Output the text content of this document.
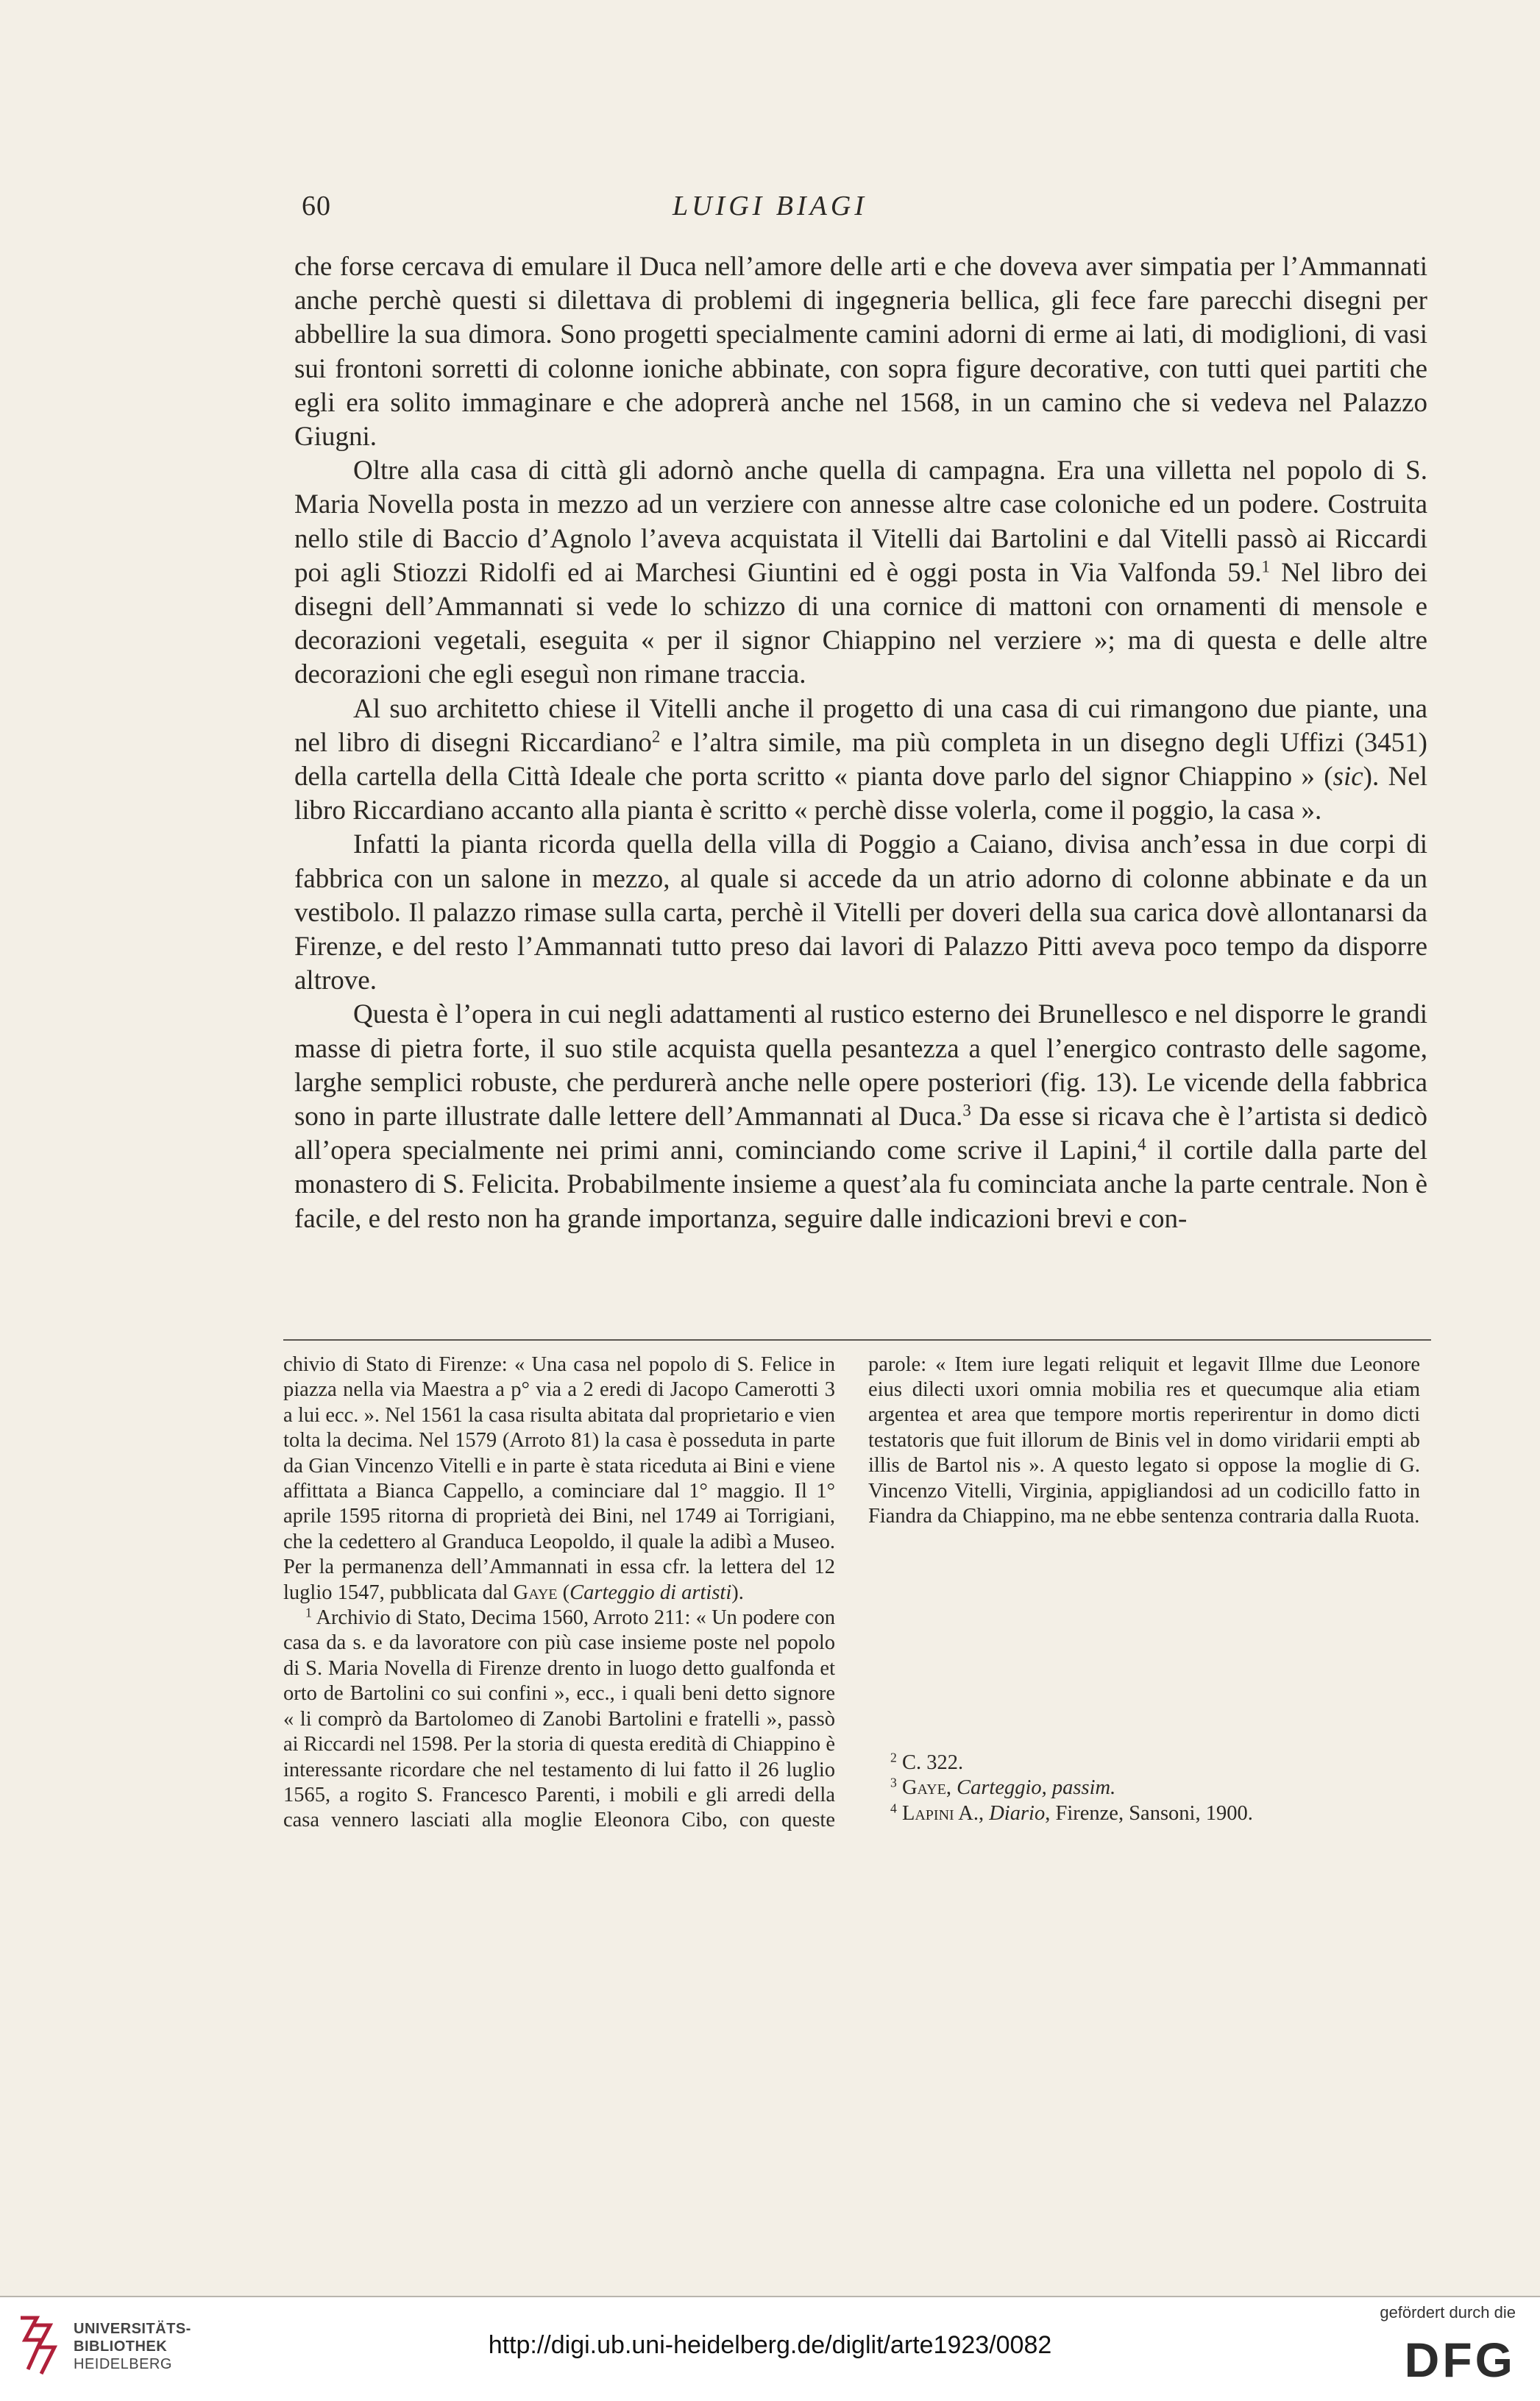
60	LUIGI BIAGI

che forse cercava di emulare il Duca nell’amore delle arti e che doveva aver simpatia per l’Ammannati anche perchè questi si dilettava di problemi di ingegneria bellica, gli fece fare parecchi disegni per abbellire la sua dimora. Sono progetti specialmente camini adorni di erme ai lati, di modiglioni, di vasi sui frontoni sorretti di colonne ioniche abbinate, con sopra figure decorative, con tutti quei partiti che egli era solito immaginare e che adoprerà anche nel 1568, in un camino che si vedeva nel Palazzo Giugni.

Oltre alla casa di città gli adornò anche quella di campagna. Era una villetta nel popolo di S. Maria Novella posta in mezzo ad un verziere con annesse altre case coloniche ed un podere. Costruita nello stile di Baccio d’Agnolo l’aveva acquistata il Vitelli dai Bartolini e dal Vitelli passò ai Riccardi poi agli Stiozzi Ridolfi ed ai Marchesi Giuntini ed è oggi posta in Via Valfonda 59.$^1$ Nel libro dei disegni dell’Ammannati si vede lo schizzo di una cornice di mattoni con ornamenti di mensole e decorazioni vegetali, eseguita « per il signor Chiappino nel verziere »; ma di questa e delle altre decorazioni che egli eseguì non rimane traccia.

Al suo architetto chiese il Vitelli anche il progetto di una casa di cui rimangono due piante, una nel libro di disegni Riccardiano$^2$ e l’altra simile, ma più completa in un disegno degli Uffizi (3451) della cartella della Città Ideale che porta scritto « pianta dove parlo del signor Chiappino » (sic). Nel libro Riccardiano accanto alla pianta è scritto « perchè disse volerla, come il poggio, la casa ».

Infatti la pianta ricorda quella della villa di Poggio a Caiano, divisa anch’essa in due corpi di fabbrica con un salone in mezzo, al quale si accede da un atrio adorno di colonne abbinate e da un vestibolo. Il palazzo rimase sulla carta, perchè il Vitelli per doveri della sua carica dovè allontanarsi da Firenze, e del resto l’Ammannati tutto preso dai lavori di Palazzo Pitti aveva poco tempo da disporre altrove.

Questa è l’opera in cui negli adattamenti al rustico esterno dei Brunellesco e nel disporre le grandi masse di pietra forte, il suo stile acquista quella pesantezza a quel l’energico contrasto delle sagome, larghe semplici robuste, che perdurerà anche nelle opere posteriori (fig. 13). Le vicende della fabbrica sono in parte illustrate dalle lettere dell’Ammannati al Duca.$^3$ Da esse si ricava che è l’artista si dedicò all’opera specialmente nei primi anni, cominciando come scrive il Lapini,$^4$ il cortile dalla parte del monastero di S. Felicita. Probabilmente insieme a quest’ala fu cominciata anche la parte centrale. Non è facile, e del resto non ha grande importanza, seguire dalle indicazioni brevi e con-

chivio di Stato di Firenze: « Una casa nel popolo di S. Felice in piazza nella via Maestra a p° via a 2 eredi di Jacopo Camerotti 3 a lui ecc. ». Nel 1561 la casa risulta abitata dal proprietario e vien tolta la decima. Nel 1579 (Arroto 81) la casa è posseduta in parte da Gian Vincenzo Vitelli e in parte è stata riceduta ai Bini e viene affittata a Bianca Cappello, a cominciare dal 1° maggio. Il 1° aprile 1595 ritorna di proprietà dei Bini, nel 1749 ai Torrigiani, che la cedettero al Granduca Leopoldo, il quale la adibì a Museo. Per la permanenza dell’Ammannati in essa cfr. la lettera del 12 luglio 1547, pubblicata dal Gaye (Carteggio di artisti).

$^1$ Archivio di Stato, Decima 1560, Arroto 211: « Un podere con casa da s. e da lavoratore con più case insieme poste nel popolo di S. Maria Novella di Firenze drento in luogo detto gualfonda et orto de Bartolini co sui confini », ecc., i quali beni detto signore « li comprò da Bartolomeo di Zanobi Bartolini e fratelli », passò ai Riccardi nel 1598. Per la storia di questa eredità di Chiappino è interessante ricordare che nel testamento di lui fatto il 26 luglio 1565, a rogito S. Francesco Parenti, i mobili e gli arredi della casa vennero lasciati alla moglie Eleonora Cibo, con queste

parole: « Item iure legati reliquit et legavit Illme due Leonore eius dilecti uxori omnia mobilia res et quecumque alia etiam argentea et area que tempore mortis reperirentur in domo dicti testatoris que fuit illorum de Binis vel in domo viridarii empti ab illis de Bartol nis ». A questo legato si oppose la moglie di G. Vincenzo Vitelli, Virginia, appigliandosi ad un codicillo fatto in Fiandra da Chiappino, ma ne ebbe sentenza contraria dalla Ruota.

$^2$ C. 322.

$^3$ Gaye, Carteggio, passim.

$^4$ Lapini A., Diario, Firenze, Sansoni, 1900.

UNIVERSITÄTS-
BIBLIOTHEK
HEIDELBERG
http://digi.ub.uni-heidelberg.de/diglit/arte1923/0082
gefördert durch die
DFG
